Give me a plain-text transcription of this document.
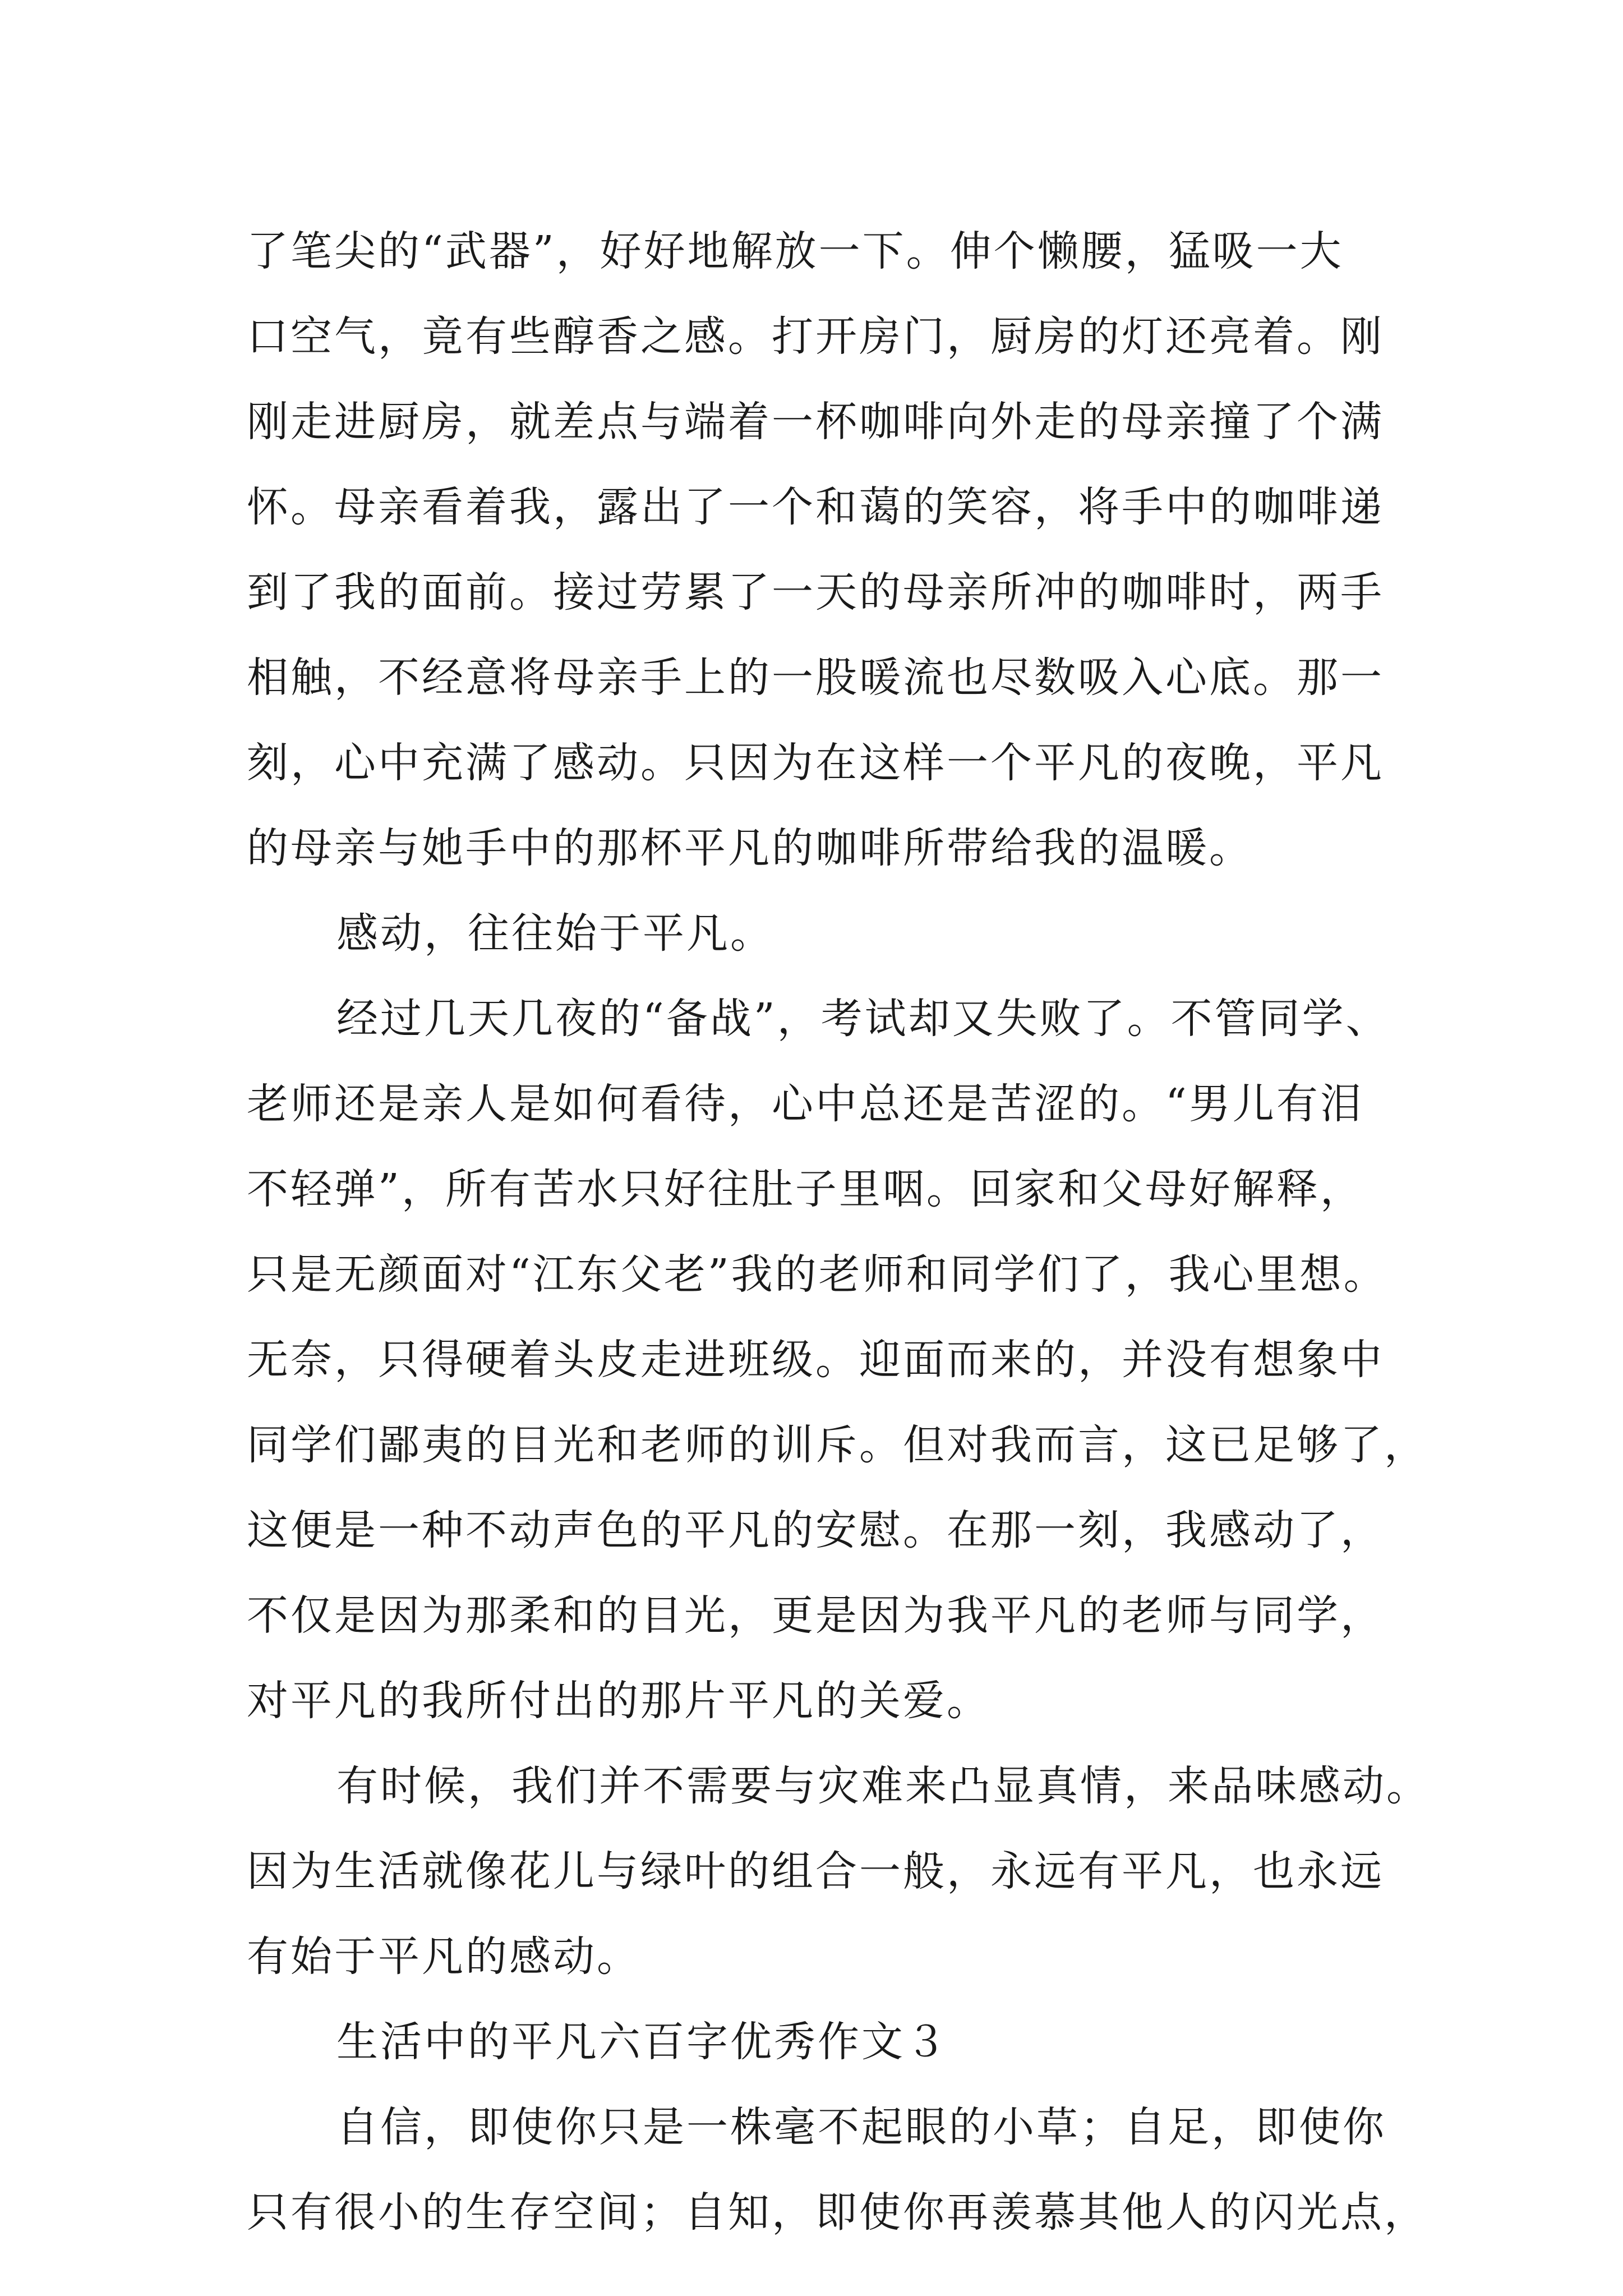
了笔尖的“武器”，好好地解放一下。伸个懒腰，猛吸一大
口空气，竟有些醇香之感。打开房门，厨房的灯还亮着。刚
刚走进厨房，就差点与端着一杯咖啡向外走的母亲撞了个满
怀。母亲看着我，露出了一个和蔼的笑容，将手中的咖啡递
到了我的面前。接过劳累了一天的母亲所冲的咖啡时，两手
相触，不经意将母亲手上的一股暖流也尽数吸入心底。那一
刻，心中充满了感动。只因为在这样一个平凡的夜晚，平凡
的母亲与她手中的那杯平凡的咖啡所带给我的温暖。
感动，往往始于平凡。
经过几天几夜的“备战”，考试却又失败了。不管同学、
老师还是亲人是如何看待，心中总还是苦涩的。“男儿有泪
不轻弹”，所有苦水只好往肚子里咽。回家和父母好解释，
只是无颜面对“江东父老”我的老师和同学们了，我心里想。
无奈，只得硬着头皮走进班级。迎面而来的，并没有想象中
同学们鄙夷的目光和老师的训斥。但对我而言，这已足够了，
这便是一种不动声色的平凡的安慰。在那一刻，我感动了，
不仅是因为那柔和的目光，更是因为我平凡的老师与同学，
对平凡的我所付出的那片平凡的关爱。
有时候，我们并不需要与灾难来凸显真情，来品味感动。
因为生活就像花儿与绿叶的组合一般，永远有平凡，也永远
有始于平凡的感动。
生活中的平凡六百字优秀作文３
自信，即使你只是一株毫不起眼的小草；自足，即使你
只有很小的生存空间；自知，即使你再羡慕其他人的闪光点，
